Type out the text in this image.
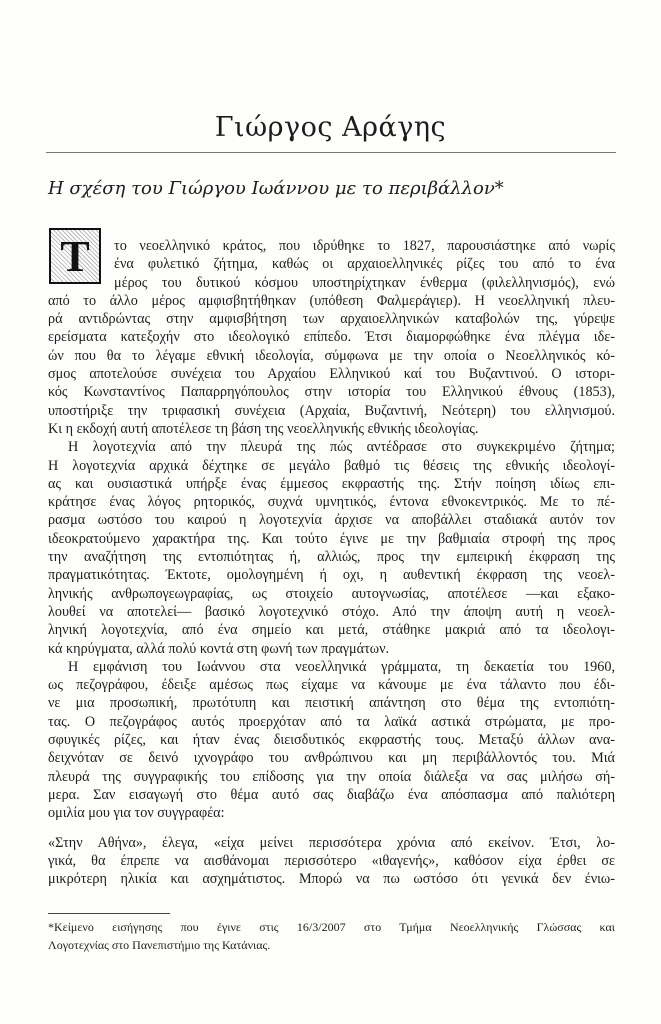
Γιώργος Αράγης
Η σχέση του Γιώργου Ιωάννου με το περιβάλλον*
Τ	το νεοελληνικό κράτος, που ιδρύθηκε το 1827, παρουσιάστηκε από νωρίς
ένα φυλετικό ζήτημα, καθώς οι αρχαιοελληνικές ρίζες του από το ένα
μέρος του δυτικού κόσμου υποστηρίχτηκαν ένθερμα (φιλελληνισμός), ενώ
από το άλλο μέρος αμφισβητήθηκαν (υπόθεση Φαλμεράγιερ). Η νεοελληνική πλευ-
ρά αντιδρώντας στην αμφισβήτηση των αρχαιοελληνικών καταβολών της, γύρεψε
ερείσματα κατεξοχήν στο ιδεολογικό επίπεδο. Έτσι διαμορφώθηκε ένα πλέγμα ιδε-
ών που θα το λέγαμε εθνική ιδεολογία, σύμφωνα με την οποία ο Νεοελληνικός κό-
σμος αποτελούσε συνέχεια του Αρχαίου Ελληνικού καί του Βυζαντινού. Ο ιστορι-
κός Κωνσταντίνος Παπαρρηγόπουλος στην ιστορία του Ελληνικού έθνους (1853),
υποστήριξε την τριφασική συνέχεια (Αρχαία, Βυζαντινή, Νεότερη) του ελληνισμού.
Κι η εκδοχή αυτή αποτέλεσε τη βάση της νεοελληνικής εθνικής ιδεολογίας.
Η λογοτεχνία από την πλευρά της πώς αντέδρασε στο συγκεκριμένο ζήτημα;
Η λογοτεχνία αρχικά δέχτηκε σε μεγάλο βαθμό τις θέσεις της εθνικής ιδεολογί-
ας και ουσιαστικά υπήρξε ένας έμμεσος εκφραστής της. Στήν ποίηση ιδίως επι-
κράτησε ένας λόγος ρητορικός, συχνά υμνητικός, έντονα εθνοκεντρικός. Με το πέ-
ρασμα ωστόσο του καιρού η λογοτεχνία άρχισε να αποβάλλει σταδιακά αυτόν τον
ιδεοκρατούμενο χαρακτήρα της. Και τούτο έγινε με την βαθμιαία στροφή της προς
την αναζήτηση της εντοπιότητας ή, αλλιώς, προς την εμπειρική έκφραση της
πραγματικότητας. Έκτοτε, ομολογημένη ή οχι, η αυθεντική έκφραση της νεοελ-
ληνικής ανθρωπογεωγραφίας, ως στοιχείο αυτογνωσίας, αποτέλεσε —και εξακο-
λουθεί να αποτελεί— βασικό λογοτεχνικό στόχο. Από την άποψη αυτή η νεοελ-
ληνική λογοτεχνία, από ένα σημείο και μετά, στάθηκε μακριά από τα ιδεολογι-
κά κηρύγματα, αλλά πολύ κοντά στη φωνή των πραγμάτων.
Η εμφάνιση του Ιωάννου στα νεοελληνικά γράμματα, τη δεκαετία του 1960,
ως πεζογράφου, έδειξε αμέσως πως είχαμε να κάνουμε με ένα τάλαντο που έδι-
νε μια προσωπική, πρωτότυπη και πειστική απάντηση στο θέμα της εντοπιότη-
τας. Ο πεζογράφος αυτός προερχόταν από τα λαϊκά αστικά στρώματα, με προ-
σφυγικές ρίζες, και ήταν ένας διεισδυτικός εκφραστής τους. Μεταξύ άλλων ανα-
δειχνόταν σε δεινό ιχνογράφο του ανθρώπινου και μη περιβάλλοντός του. Μιά
πλευρά της συγγραφικής του επίδοσης για την οποία διάλεξα να σας μιλήσω σή-
μερα. Σαν εισαγωγή στο θέμα αυτό σας διαβάζω ένα απόσπασμα από παλιότερη
ομιλία μου για τον συγγραφέα:
«Στην Αθήνα», έλεγα, «είχα μείνει περισσότερα χρόνια από εκείνον. Έτσι, λο-
γικά, θα έπρεπε να αισθάνομαι περισσότερο «ιθαγενής», καθόσον είχα έρθει σε
μικρότερη ηλικία και ασχημάτιστος. Μπορώ να πω ωστόσο ότι γενικά δεν ένιω-
*Κείμενο εισήγησης που έγινε στις 16/3/2007 στο Τμήμα Νεοελληνικής Γλώσσας και
Λογοτεχνίας στο Πανεπιστήμιο της Κατάνιας.
